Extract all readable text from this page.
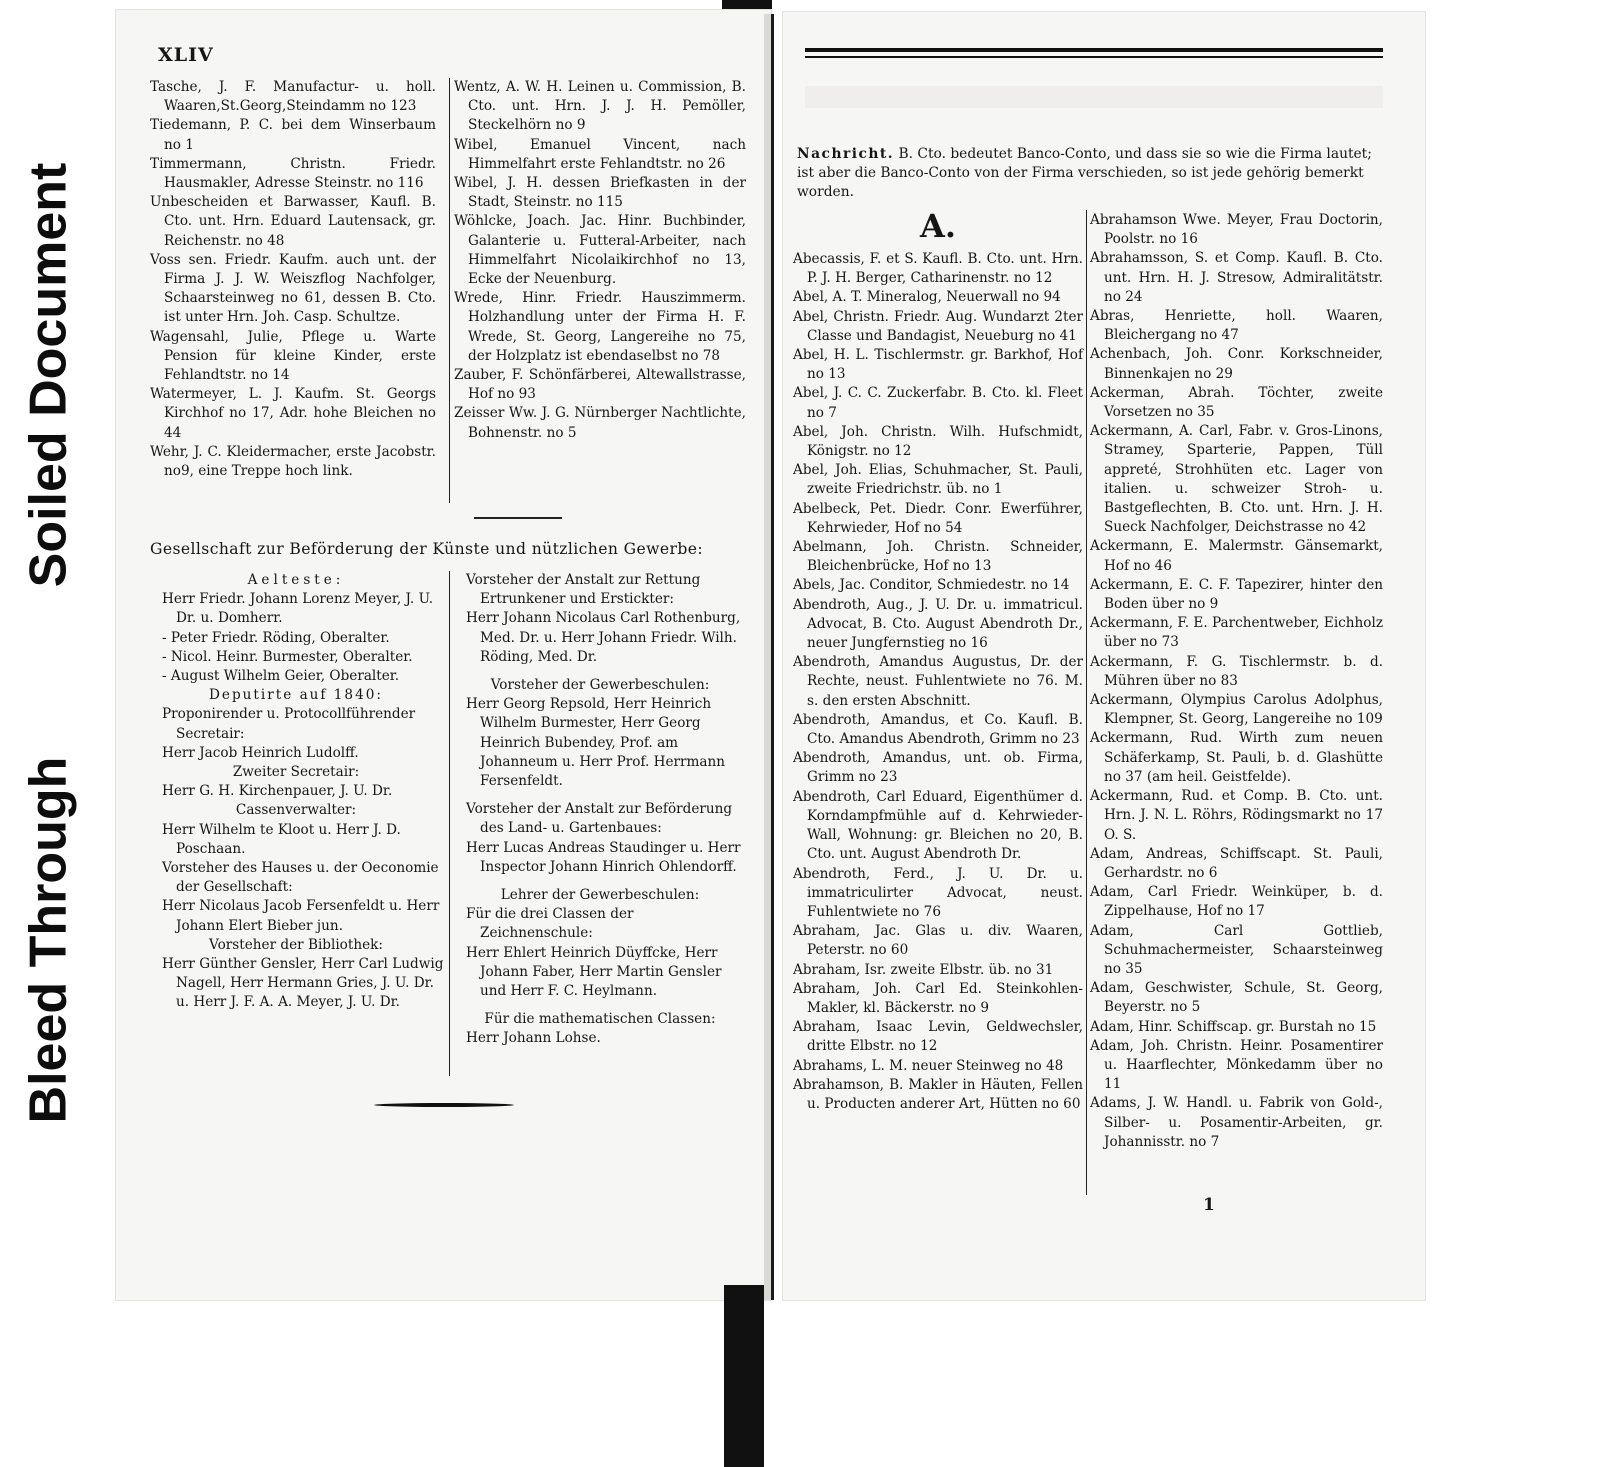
Soiled Document
Bleed Through
XLIV

Tasche, J. F. Manufactur- u. holl. Waaren,St.Georg,Steindamm no 123

Tiedemann, P. C. bei dem Winserbaum no 1

Timmermann, Christn. Friedr. Hausmakler, Adresse Steinstr. no 116

Unbescheiden et Barwasser, Kaufl. B. Cto. unt. Hrn. Eduard Lautensack, gr. Reichenstr. no 48

Voss sen. Friedr. Kaufm. auch unt. der Firma J. J. W. Weiszflog Nachfolger, Schaarsteinweg no 61, dessen B. Cto. ist unter Hrn. Joh. Casp. Schultze.

Wagensahl, Julie, Pflege u. Warte Pension für kleine Kinder, erste Fehlandtstr. no 14

Watermeyer, L. J. Kaufm. St. Georgs Kirchhof no 17, Adr. hohe Bleichen no 44

Wehr, J. C. Kleidermacher, erste Jacobstr. no9, eine Treppe hoch link.

Wentz, A. W. H. Leinen u. Commission, B. Cto. unt. Hrn. J. J. H. Pemöller, Steckelhörn no 9

Wibel, Emanuel Vincent, nach Himmelfahrt erste Fehlandtstr. no 26

Wibel, J. H. dessen Briefkasten in der Stadt, Steinstr. no 115

Wöhlcke, Joach. Jac. Hinr. Buchbinder, Galanterie u. Futteral-Arbeiter, nach Himmelfahrt Nicolaikirchhof no 13, Ecke der Neuenburg.

Wrede, Hinr. Friedr. Hauszimmerm. Holzhandlung unter der Firma H. F. Wrede, St. Georg, Langereihe no 75, der Holzplatz ist ebendaselbst no 78

Zauber, F. Schönfärberei, Altewallstrasse, Hof no 93

Zeisser Ww. J. G. Nürnberger Nachtlichte, Bohnenstr. no 5

Gesellschaft zur Beförderung der Künste und nützlichen Gewerbe:

Aelteste:

Herr Friedr. Johann Lorenz Meyer, J. U. Dr. u. Domherr.

- Peter Friedr. Röding, Oberalter.

- Nicol. Heinr. Burmester, Oberalter.

- August Wilhelm Geier, Oberalter.

Deputirte auf 1840:

Proponirender u. Protocollführender Secretair:

Herr Jacob Heinrich Ludolff.

Zweiter Secretair:

Herr G. H. Kirchenpauer, J. U. Dr.

Cassenverwalter:

Herr Wilhelm te Kloot u. Herr J. D. Poschaan.

Vorsteher des Hauses u. der Oeconomie der Gesellschaft:

Herr Nicolaus Jacob Fersenfeldt u. Herr Johann Elert Bieber jun.

Vorsteher der Bibliothek:

Herr Günther Gensler, Herr Carl Ludwig Nagell, Herr Hermann Gries, J. U. Dr. u. Herr J. F. A. A. Meyer, J. U. Dr.

Vorsteher der Anstalt zur Rettung Ertrunkener und Erstickter:

Herr Johann Nicolaus Carl Rothenburg, Med. Dr. u. Herr Johann Friedr. Wilh. Röding, Med. Dr.

Vorsteher der Gewerbeschulen:

Herr Georg Repsold, Herr Heinrich Wilhelm Burmester, Herr Georg Heinrich Bubendey, Prof. am Johanneum u. Herr Prof. Herrmann Fersenfeldt.

Vorsteher der Anstalt zur Beförderung des Land- u. Gartenbaues:

Herr Lucas Andreas Staudinger u. Herr Inspector Johann Hinrich Ohlendorff.

Lehrer der Gewerbeschulen:

Für die drei Classen der Zeichnenschule:

Herr Ehlert Heinrich Düyffcke, Herr Johann Faber, Herr Martin Gensler und Herr F. C. Heylmann.

Für die mathematischen Classen:

Herr Johann Lohse.

Nachricht. B. Cto. bedeutet Banco-Conto, und dass sie so wie die Firma lautet; ist aber die Banco-Conto von der Firma verschieden, so ist jede gehörig bemerkt worden.
A.

Abecassis, F. et S. Kaufl. B. Cto. unt. Hrn. P. J. H. Berger, Catharinenstr. no 12

Abel, A. T. Mineralog, Neuerwall no 94

Abel, Christn. Friedr. Aug. Wundarzt 2ter Classe und Bandagist, Neueburg no 41

Abel, H. L. Tischlermstr. gr. Barkhof, Hof no 13

Abel, J. C. C. Zuckerfabr. B. Cto. kl. Fleet no 7

Abel, Joh. Christn. Wilh. Hufschmidt, Königstr. no 12

Abel, Joh. Elias, Schuhmacher, St. Pauli, zweite Friedrichstr. üb. no 1

Abelbeck, Pet. Diedr. Conr. Ewerführer, Kehrwieder, Hof no 54

Abelmann, Joh. Christn. Schneider, Bleichenbrücke, Hof no 13

Abels, Jac. Conditor, Schmiedestr. no 14

Abendroth, Aug., J. U. Dr. u. immatricul. Advocat, B. Cto. August Abendroth Dr., neuer Jungfernstieg no 16

Abendroth, Amandus Augustus, Dr. der Rechte, neust. Fuhlentwiete no 76. M. s. den ersten Abschnitt.

Abendroth, Amandus, et Co. Kaufl. B. Cto. Amandus Abendroth, Grimm no 23

Abendroth, Amandus, unt. ob. Firma, Grimm no 23

Abendroth, Carl Eduard, Eigenthümer d. Korndampfmühle auf d. Kehrwieder-Wall, Wohnung: gr. Bleichen no 20, B. Cto. unt. August Abendroth Dr.

Abendroth, Ferd., J. U. Dr. u. immatriculirter Advocat, neust. Fuhlentwiete no 76

Abraham, Jac. Glas u. div. Waaren, Peterstr. no 60

Abraham, Isr. zweite Elbstr. üb. no 31

Abraham, Joh. Carl Ed. Steinkohlen-Makler, kl. Bäckerstr. no 9

Abraham, Isaac Levin, Geldwechsler, dritte Elbstr. no 12

Abrahams, L. M. neuer Steinweg no 48

Abrahamson, B. Makler in Häuten, Fellen u. Producten anderer Art, Hütten no 60

Abrahamson Wwe. Meyer, Frau Doctorin, Poolstr. no 16

Abrahamsson, S. et Comp. Kaufl. B. Cto. unt. Hrn. H. J. Stresow, Admiralitätstr. no 24

Abras, Henriette, holl. Waaren, Bleichergang no 47

Achenbach, Joh. Conr. Korkschneider, Binnenkajen no 29

Ackerman, Abrah. Töchter, zweite Vorsetzen no 35

Ackermann, A. Carl, Fabr. v. Gros-Linons, Stramey, Sparterie, Pappen, Tüll appreté, Strohhüten etc. Lager von italien. u. schweizer Stroh- u. Bastgeflechten, B. Cto. unt. Hrn. J. H. Sueck Nachfolger, Deichstrasse no 42

Ackermann, E. Malermstr. Gänsemarkt, Hof no 46

Ackermann, E. C. F. Tapezirer, hinter den Boden über no 9

Ackermann, F. E. Parchentweber, Eichholz über no 73

Ackermann, F. G. Tischlermstr. b. d. Mühren über no 83

Ackermann, Olympius Carolus Adolphus, Klempner, St. Georg, Langereihe no 109

Ackermann, Rud. Wirth zum neuen Schäferkamp, St. Pauli, b. d. Glashütte no 37 (am heil. Geistfelde).

Ackermann, Rud. et Comp. B. Cto. unt. Hrn. J. N. L. Röhrs, Rödingsmarkt no 17 O. S.

Adam, Andreas, Schiffscapt. St. Pauli, Gerhardstr. no 6

Adam, Carl Friedr. Weinküper, b. d. Zippelhause, Hof no 17

Adam, Carl Gottlieb, Schuhmachermeister, Schaarsteinweg no 35

Adam, Geschwister, Schule, St. Georg, Beyerstr. no 5

Adam, Hinr. Schiffscap. gr. Burstah no 15

Adam, Joh. Christn. Heinr. Posamentirer u. Haarflechter, Mönkedamm über no 11

Adams, J. W. Handl. u. Fabrik von Gold-, Silber- u. Posamentir-Arbeiten, gr. Johannisstr. no 7

1
